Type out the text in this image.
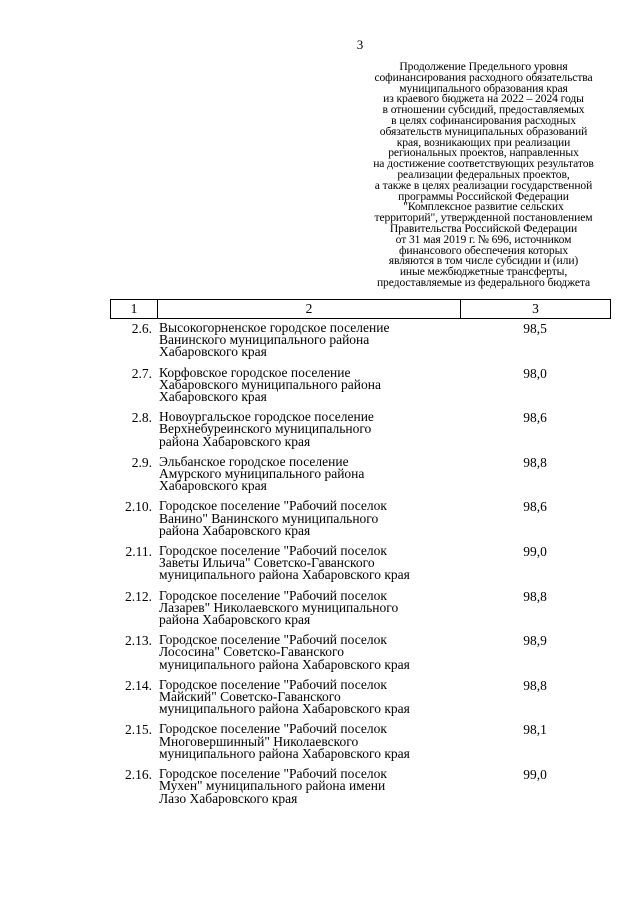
3
Продолжение Предельного уровня
софинансирования расходного обязательства
муниципального образования края
из краевого бюджета на 2022 – 2024 годы
в отношении субсидий, предоставляемых
в целях софинансирования расходных
обязательств муниципальных образований
края, возникающих при реализации
региональных проектов, направленных
на достижение соответствующих результатов
реализации федеральных проектов,
а также в целях реализации государственной
программы Российской Федерации
"Комплексное развитие сельских
территорий", утвержденной постановлением
Правительства Российской Федерации
от 31 мая 2019 г. № 696, источником
финансового обеспечения которых
являются в том числе субсидии и (или)
иные межбюджетные трансферты,
предоставляемые из федерального бюджета
1	2	3
2.6. Высокогорненское городское поселение
Ванинского муниципального района
Хабаровского края
98,5
2.7. Корфовское городское поселение
Хабаровского муниципального района
Хабаровского края
98,0
2.8. Новоургальское городское поселение
Верхнебуреинского муниципального
района Хабаровского края
98,6
2.9. Эльбанское городское поселение
Амурского муниципального района
Хабаровского края
98,8
2.10. Городское поселение "Рабочий поселок
Ванино" Ванинского муниципального
района Хабаровского края
98,6
2.11. Городское поселение "Рабочий поселок
Заветы Ильича" Советско-Гаванского
муниципального района Хабаровского края
99,0
2.12. Городское поселение "Рабочий поселок
Лазарев" Николаевского муниципального
района Хабаровского края
98,8
2.13. Городское поселение "Рабочий поселок
Лососина" Советско-Гаванского
муниципального района Хабаровского края
98,9
2.14. Городское поселение "Рабочий поселок
Майский" Советско-Гаванского
муниципального района Хабаровского края
98,8
2.15. Городское поселение "Рабочий поселок
Многовершинный" Николаевского
муниципального района Хабаровского края
98,1
2.16. Городское поселение "Рабочий поселок
Мухен" муниципального района имени
Лазо Хабаровского края
99,0
